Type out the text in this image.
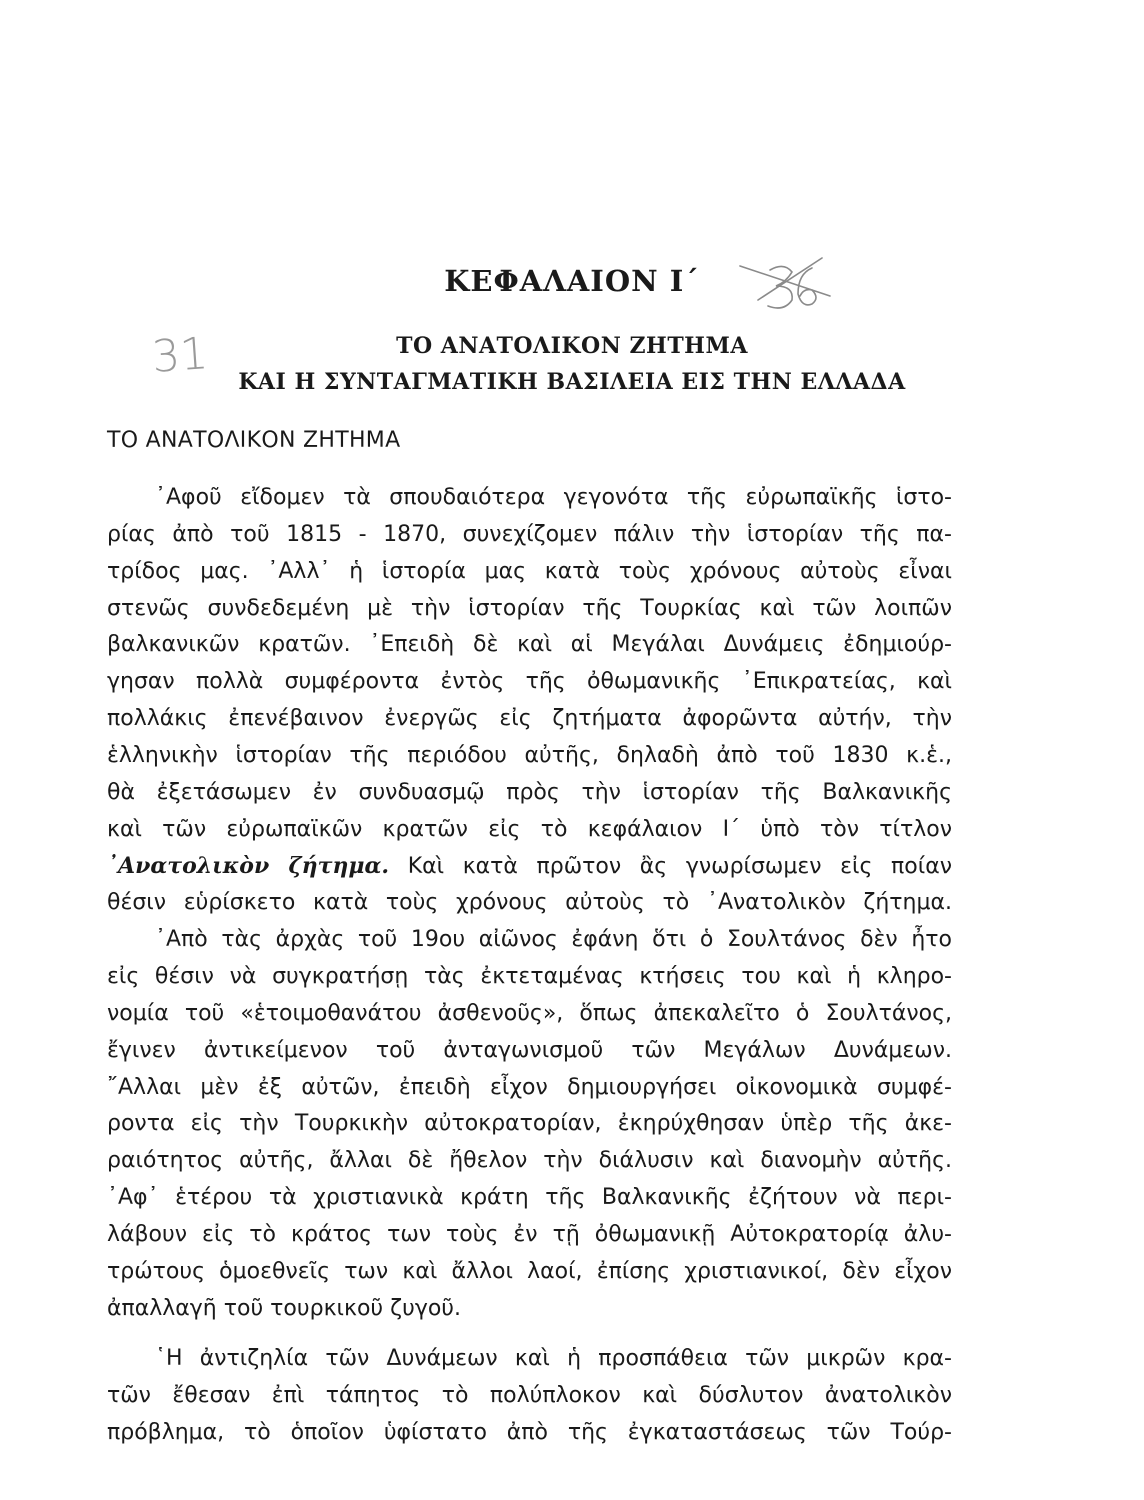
36
31
ΚΕΦΑΛΑΙΟΝ Ι΄
ΤΟ ΑΝΑΤΟΛΙΚΟΝ ΖΗΤΗΜΑ
ΚΑΙ Η ΣΥΝΤΑΓΜΑΤΙΚΗ ΒΑΣΙΛΕΙΑ ΕΙΣ ΤΗΝ ΕΛΛΑΔΑ
ΤΟ ΑΝΑΤΟΛΙΚΟΝ ΖΗΤΗΜΑ
᾽Αφοῦ εἴδομεν τὰ σπουδαιότερα γεγονότα τῆς εὐρωπαϊκῆς ἱστο-
ρίας ἀπὸ τοῦ 1815 - 1870, συνεχίζομεν πάλιν τὴν ἱστορίαν τῆς πα-
τρίδος μας. ᾽Αλλ᾽ ἡ ἱστορία μας κατὰ τοὺς χρόνους αὐτοὺς εἶναι
στενῶς συνδεδεμένη μὲ τὴν ἱστορίαν τῆς Τουρκίας καὶ τῶν λοιπῶν
βαλκανικῶν κρατῶν. ᾽Επειδὴ δὲ καὶ αἱ Μεγάλαι Δυνάμεις ἐδημιούρ-
γησαν πολλὰ συμφέροντα ἐντὸς τῆς ὀθωμανικῆς ᾽Επικρατείας, καὶ
πολλάκις ἐπενέβαινον ἐνεργῶς εἰς ζητήματα ἀφορῶντα αὐτήν, τὴν
ἑλληνικὴν ἱστορίαν τῆς περιόδου αὐτῆς, δηλαδὴ ἀπὸ τοῦ 1830 κ.ἑ.,
θὰ ἐξετάσωμεν ἐν συνδυασμῷ πρὸς τὴν ἱστορίαν τῆς Βαλκανικῆς
καὶ τῶν εὐρωπαϊκῶν κρατῶν εἰς τὸ κεφάλαιον Ι΄ ὑπὸ τὸν τίτλον
᾽Ανατολικὸν ζήτημα. Καὶ κατὰ πρῶτον ἂς γνωρίσωμεν εἰς ποίαν
θέσιν εὑρίσκετο κατὰ τοὺς χρόνους αὐτοὺς τὸ ᾽Ανατολικὸν ζήτημα.
᾽Απὸ τὰς ἀρχὰς τοῦ 19ου αἰῶνος ἐφάνη ὅτι ὁ Σουλτάνος δὲν ἦτο
εἰς θέσιν νὰ συγκρατήσῃ τὰς ἐκτεταμένας κτήσεις του καὶ ἡ κληρο-
νομία τοῦ «ἑτοιμοθανάτου ἀσθενοῦς», ὅπως ἀπεκαλεῖτο ὁ Σουλτάνος,
ἔγινεν ἀντικείμενον τοῦ ἀνταγωνισμοῦ τῶν Μεγάλων Δυνάμεων.
῎Αλλαι μὲν ἐξ αὐτῶν, ἐπειδὴ εἶχον δημιουργήσει οἰκονομικὰ συμφέ-
ροντα εἰς τὴν Τουρκικὴν αὐτοκρατορίαν, ἐκηρύχθησαν ὑπὲρ τῆς ἀκε-
ραιότητος αὐτῆς, ἄλλαι δὲ ἤθελον τὴν διάλυσιν καὶ διανομὴν αὐτῆς.
᾽Αφ᾽ ἑτέρου τὰ χριστιανικὰ κράτη τῆς Βαλκανικῆς ἐζήτουν νὰ περι-
λάβουν εἰς τὸ κράτος των τοὺς ἐν τῇ ὀθωμανικῇ Αὐτοκρατορίᾳ ἀλυ-
τρώτους ὁμοεθνεῖς των καὶ ἄλλοι λαοί, ἐπίσης χριστιανικοί, δὲν εἶχον
ἀπαλλαγῆ τοῦ τουρκικοῦ ζυγοῦ.
῾Η ἀντιζηλία τῶν Δυνάμεων καὶ ἡ προσπάθεια τῶν μικρῶν κρα-
τῶν ἔθεσαν ἐπὶ τάπητος τὸ πολύπλοκον καὶ δύσλυτον ἀνατολικὸν
πρόβλημα, τὸ ὁποῖον ὑφίστατο ἀπὸ τῆς ἐγκαταστάσεως τῶν Τούρ-
